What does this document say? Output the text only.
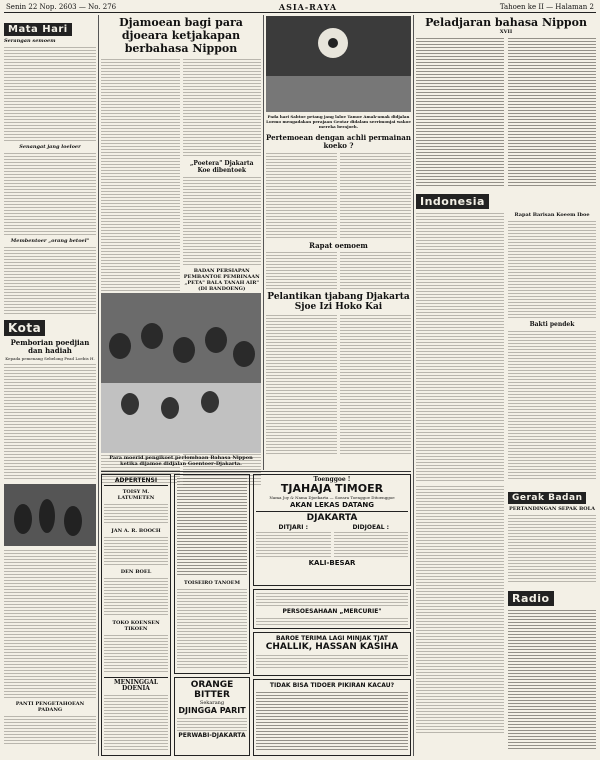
Senin 22 Nop. 2603 — No. 276	ASIA-RAYA	Tahoen ke II — Halaman 2
Mata Hari
Serangan semoem
Senangat jang loeloer
Membentoer „orang betoel"
Kota
Pemborian poedjian dan hadiah
Kepada pemenang Sebelong Pead Loebis H.
PANTI PENGETAHOEAN PADANG
Djamoean bagi para djoeara ketjakapan berbahasa Nippon
„Poetera" Djakarta Koe dibentoek
BADAN PERSIAPAN PEMBANTOE PEMBINAAN
„PETA" BALA TANAH AIR"
(DI BANDOENG)
Para moerid pengikoet perlombaan Bahasa Nippon ketika dijamoe didjalan Goentoer-Djakarta.
Pada hari Sabtoe petang jang laloe Tamoe Amak-amak didjalan Loemo mengadakan perajaan Geotar didalam serrimonjai wakoe mereka berajoeh.
Pertemoean dengan achli permainan koeko ?
Rapat oemoem
Pelantikan tjabang Djakarta Sjoe Izi Hoko Kai
Peladjaran bahasa Nippon
XVII
Indonesia
Rapat Barisan Koeem Iboe
Bakti pendek
Gerak Badan
PERTANDINGAN SEPAK BOLA
Radio
ADPERTENSI
TOISY M. LATUMETEN
JAN A. R. BOOCH
DEN BOEL
TOKO KOENSEN TIKOEN
MENINGGAL DOENIA
TOISEIRO TANOEM
ORANGE BITTER
Sekarang
DJINGGA PARIT
PERWABI-DJAKARTA
Toenggoe !
TJAHAJA TIMOER
Nama Joy & Nama Djoekarta — Soeara Toenggoe Ditoenggoe
AKAN LEKAS DATANG
DJAKARTA
DITJARI :	DIDJOEAL :
KALI-BESAR
PERSOESAHAAN „MERCURIE"
BAROE TERIMA LAGI MINJAK TJAT
CHALLIK, HASSAN KASIHA
TIDAK BISA TIDOER PIKIRAN KACAU?
